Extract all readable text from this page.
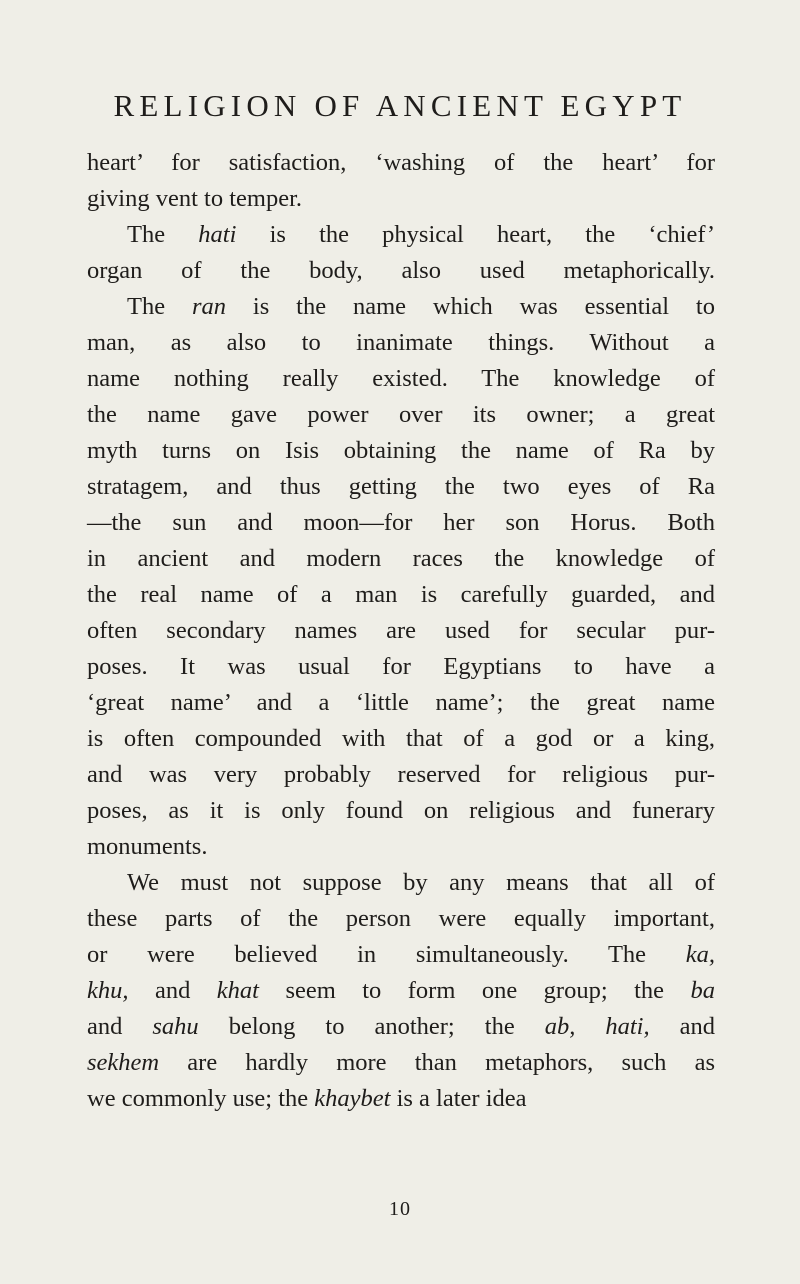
RELIGION OF ANCIENT EGYPT
heart’ for satisfaction, ‘washing of the heart’ for
giving vent to temper.
The hati is the physical heart, the ‘chief’
organ of the body, also used metaphorically.
The ran is the name which was essential to
man, as also to inanimate things. Without a
name nothing really existed. The knowledge of
the name gave power over its owner; a great
myth turns on Isis obtaining the name of Ra by
stratagem, and thus getting the two eyes of Ra
—the sun and moon—for her son Horus. Both
in ancient and modern races the knowledge of
the real name of a man is carefully guarded, and
often secondary names are used for secular pur-
poses. It was usual for Egyptians to have a
‘great name’ and a ‘little name’; the great name
is often compounded with that of a god or a king,
and was very probably reserved for religious pur-
poses, as it is only found on religious and funerary
monuments.
We must not suppose by any means that all of
these parts of the person were equally important,
or were believed in simultaneously. The ka,
khu, and khat seem to form one group; the ba
and sahu belong to another; the ab, hati, and
sekhem are hardly more than metaphors, such as
we commonly use; the khaybet is a later idea
10
